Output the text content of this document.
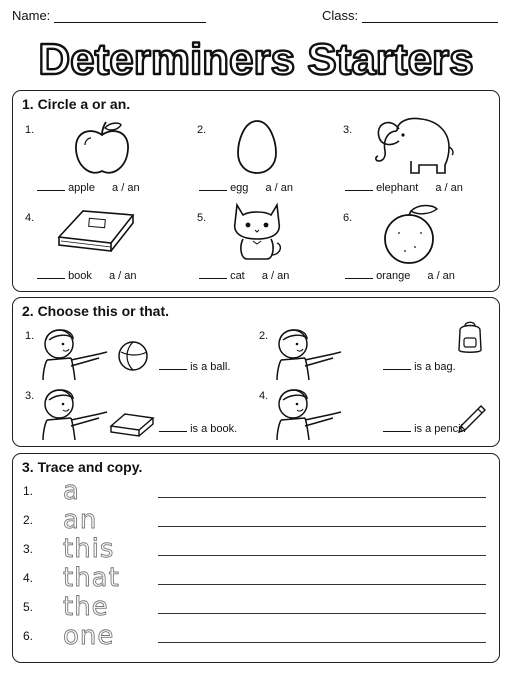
Name:	Class:
Determiners Starters
1. Circle a or an.
1.
apple a / an
2.
egg a / an
3.
elephant a / an
4.
book a / an
5.
cat a / an
6.
orange a / an
2. Choose this or that.
1.
is a ball.
2.
is a bag.
3.
is a book.
4.
is a pencil.
3. Trace and copy.
1. a
2. an
3. this
4. that
5. the
6. one
